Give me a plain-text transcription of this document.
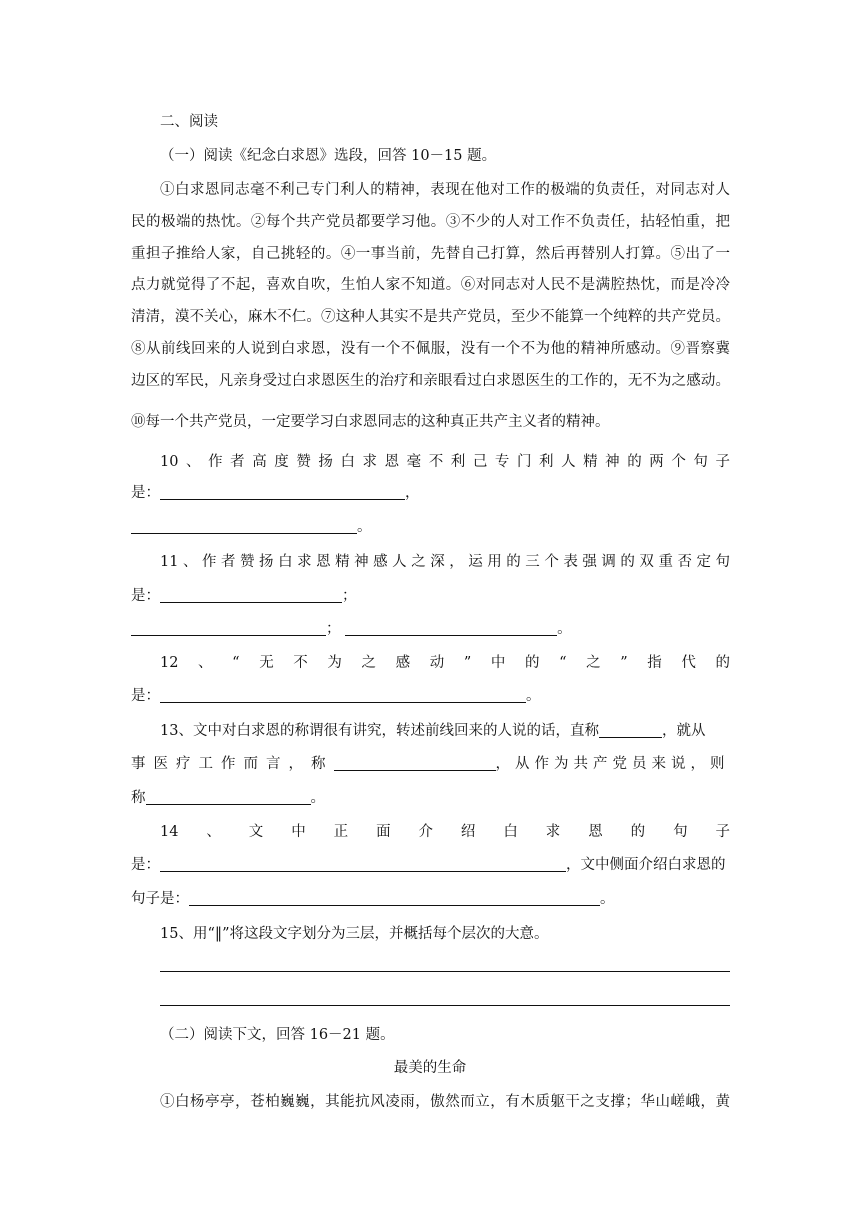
二、阅读
（一）阅读《纪念白求恩》选段，回答 10－15 题。
①白求恩同志毫不利己专门利人的精神，表现在他对工作的极端的负责任，对同志对人
民的极端的热忱。②每个共产党员都要学习他。③不少的人对工作不负责任，拈轻怕重，把
重担子推给人家，自己挑轻的。④一事当前，先替自己打算，然后再替别人打算。⑤出了一
点力就觉得了不起，喜欢自吹，生怕人家不知道。⑥对同志对人民不是满腔热忱，而是冷冷
清清，漠不关心，麻木不仁。⑦这种人其实不是共产党员，至少不能算一个纯粹的共产党员。
⑧从前线回来的人说到白求恩，没有一个不佩服，没有一个不为他的精神所感动。⑨晋察冀
边区的军民，凡亲身受过白求恩医生的治疗和亲眼看过白求恩医生的工作的，无不为之感动。
⑩每一个共产党员，一定要学习白求恩同志的这种真正共产主义者的精神。
10、作者高度赞扬白求恩毫不利己专门利人精神的两个句子
是：	，
。
11、作者赞扬白求恩精神感人之深，运用的三个表强调的双重否定句
是：	；
；	。
12、“无不为之感动”中的“之”指代的
是：	。
13、文中对白求恩的称谓很有讲究，转述前线回来的人说的话，直称	，就从
事医疗工作而言，称	，从作为共产党员来说，则
称	。
14、文中正面介绍白求恩的句子
是：	，文中侧面介绍白求恩的
句子是：	。
15、用“‖”将这段文字划分为三层，并概括每个层次的大意。
（二）阅读下文，回答 16－21 题。
最美的生命
①白杨亭亭，苍柏巍巍，其能抗风凌雨，傲然而立，有木质躯干之支撑；华山嵯峨，黄
